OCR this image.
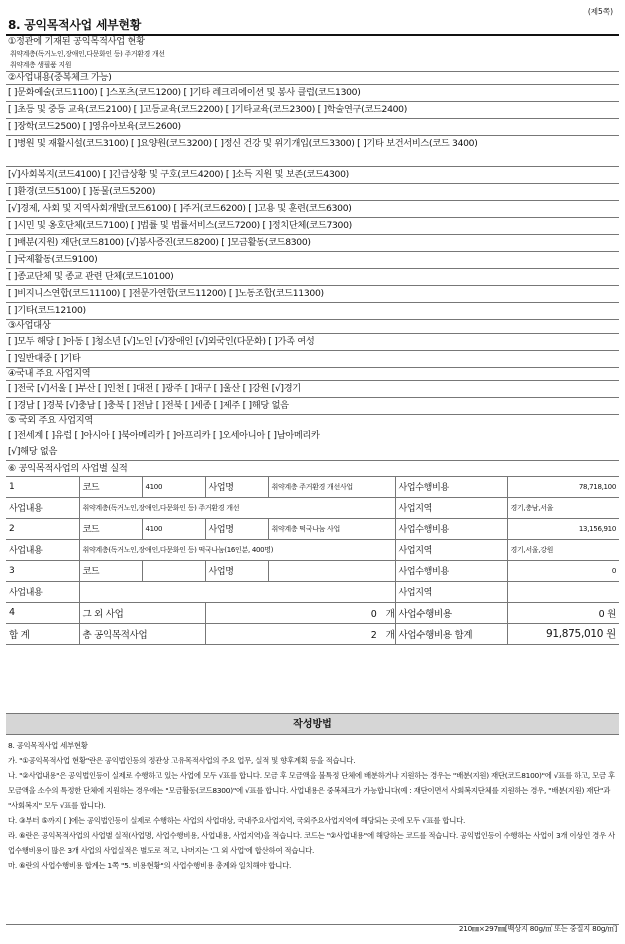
(제5쪽)
8. 공익목적사업 세부현황
①정관에 기재된 공익목적사업 현황
취약계층(독거노인,장애인,다문화인 등) 주거환경 개선
취약계층 생필품 지원
②사업내용(중복체크 가능)
[ ]문화예술(코드1100) [ ]스포츠(코드1200) [ ]기타 레크리에이션 및 봉사 클럽(코드1300)
[ ]초등 및 중등 교육(코드2100) [ ]고등교육(코드2200) [ ]기타교육(코드2300) [ ]학술연구(코드2400)
[ ]장학(코드2500) [ ]영유아보육(코드2600)
[ ]병원 및 재활시설(코드3100) [ ]요양원(코드3200) [ ]정신 건강 및 위기개입(코드3300) [ ]기타 보건서비스(코드 3400)
[√]사회복지(코드4100) [ ]긴급상황 및 구호(코드4200) [ ]소득 지원 및 보존(코드4300)
[ ]환경(코드5100) [ ]동물(코드5200)
[√]경제, 사회 및 지역사회개발(코드6100) [ ]주거(코드6200) [ ]고용 및 훈련(코드6300)
[ ]시민 및 옹호단체(코드7100) [ ]법률 및 법률서비스(코드7200) [ ]정치단체(코드7300)
[ ]배분(지원) 재단(코드8100) [√]봉사증진(코드8200) [ ]모금활동(코드8300)
[ ]국제활동(코드9100)
[ ]종교단체 및 종교 관련 단체(코드10100)
[ ]비지니스연합(코드11100) [ ]전문가연합(코드11200) [ ]노동조합(코드11300)
[ ]기타(코드12100)
③사업대상
[ ]모두 해당 [ ]아동 [ ]청소년 [√]노인 [√]장애인 [√]외국인(다문화) [ ]가족 여성
[ ]일반대중 [ ]기타
④국내 주요 사업지역
[ ]전국 [√]서울 [ ]부산 [ ]인천 [ ]대전 [ ]광주 [ ]대구 [ ]울산 [ ]강원 [√]경기
[ ]경남 [ ]경북 [√]충남 [ ]충북 [ ]전남 [ ]전북 [ ]세종 [ ]제주 [ ]해당 없음
⑤ 국외 주요 사업지역
[ ]전세계 [ ]유럽 [ ]아시아 [ ]북아메리카 [ ]아프리카 [ ]오세아니아 [ ]남아메리카
[√]해당 없음
⑥ 공익목적사업의 사업별 실적
1	코드	4100	사업명	취약계층 주거환경 개선사업	사업수행비용	78,718,100
사업내용	취약계층(독거노인,장애인,다문화인 등) 주거환경 개선				사업지역	경기,충남,서울
2	코드	4100	사업명	취약계층 떡국나눔 사업	사업수행비용	13,156,910
사업내용	취약계층(독거노인,장애인,다문화인 등) 떡국나눔(16인분, 400명)				사업지역	경기,서울,강원
3	코드		사업명		사업수행비용	0
사업내용					사업지역	
4	그 외 사업		0 개		사업수행비용	0 원
합 계	총 공익목적사업		2 개		사업수행비용 합계	91,875,010 원
작성방법

8. 공익목적사업 세부현황

가. "①공익목적사업 현황"란은 공익법인등의 정관상 고유목적사업의 주요 업무, 실적 및 향후계획 등을 적습니다.

나. "②사업내용"은 공익법인등이 실제로 수행하고 있는 사업에 모두 √표를 합니다. 모금 후 모금액을 불특정 단체에 배분하거나 지원하는 경우는 "배분(지원) 재단(코드8100)"에 √표를 하고, 모금 후 모금액을 소수의 특정한 단체에 지원하는 경우에는 "모금활동(코드8300)"에 √표를 합니다. 사업내용은 중복체크가 가능합니다(예 : 재단이면서 사회복지단체를 지원하는 경우, "배분(지원) 재단"과 "사회복지" 모두 √표를 합니다).

다. ③부터 ⑤까지 [ ]에는 공익법인등이 실제로 수행하는 사업의 사업대상, 국내주요사업지역, 국외주요사업지역에 해당되는 곳에 모두 √표를 합니다.

라. ⑥란은 공익목적사업의 사업별 실적(사업명, 사업수행비용, 사업내용, 사업지역)을 적습니다. 코드는 "②사업내용"에 해당하는 코드를 적습니다. 공익법인등이 수행하는 사업이 3개 이상인 경우 사업수행비용이 많은 3개 사업의 사업실적은 별도로 적고, 나머지는 '그 외 사업'에 합산하여 적습니다.

마. ⑥란의 사업수행비용 합계는 1쪽 "5. 비용현황"의 사업수행비용 총계와 일치해야 합니다.

210㎜×297㎜[백상지 80g/㎡ 또는 중질지 80g/㎡]
